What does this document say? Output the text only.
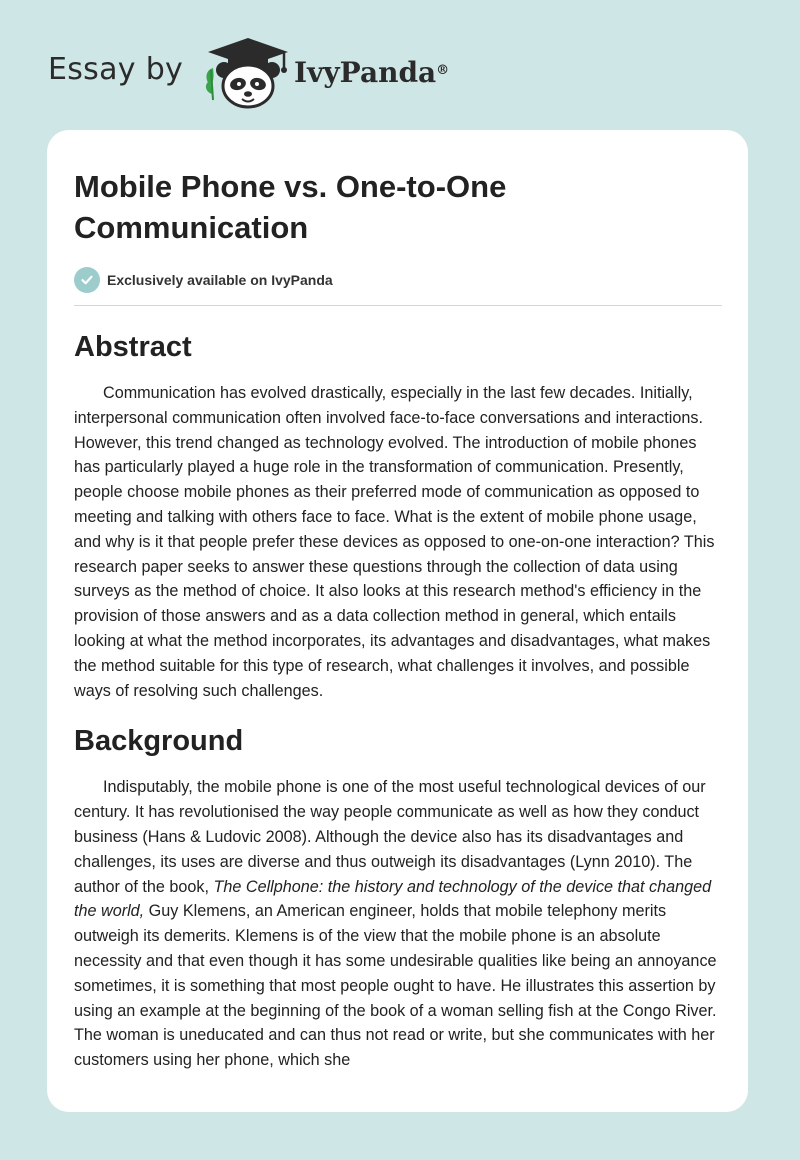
Essay by	IvyPanda®
Mobile Phone vs. One-to-One Communication
Exclusively available on IvyPanda
Abstract

Communication has evolved drastically, especially in the last few decades. Initially, interpersonal communication often involved face-to-face conversations and interactions. However, this trend changed as technology evolved. The introduction of mobile phones has particularly played a huge role in the transformation of communication. Presently, people choose mobile phones as their preferred mode of communication as opposed to meeting and talking with others face to face. What is the extent of mobile phone usage, and why is it that people prefer these devices as opposed to one-on-one interaction? This research paper seeks to answer these questions through the collection of data using surveys as the method of choice. It also looks at this research method's efficiency in the provision of those answers and as a data collection method in general, which entails looking at what the method incorporates, its advantages and disadvantages, what makes the method suitable for this type of research, what challenges it involves, and possible ways of resolving such challenges.

Background

Indisputably, the mobile phone is one of the most useful technological devices of our century. It has revolutionised the way people communicate as well as how they conduct business (Hans & Ludovic 2008). Although the device also has its disadvantages and challenges, its uses are diverse and thus outweigh its disadvantages (Lynn 2010). The author of the book, The Cellphone: the history and technology of the device that changed the world, Guy Klemens, an American engineer, holds that mobile telephony merits outweigh its demerits. Klemens is of the view that the mobile phone is an absolute necessity and that even though it has some undesirable qualities like being an annoyance sometimes, it is something that most people ought to have. He illustrates this assertion by using an example at the beginning of the book of a woman selling fish at the Congo River. The woman is uneducated and can thus not read or write, but she communicates with her customers using her phone, which she
